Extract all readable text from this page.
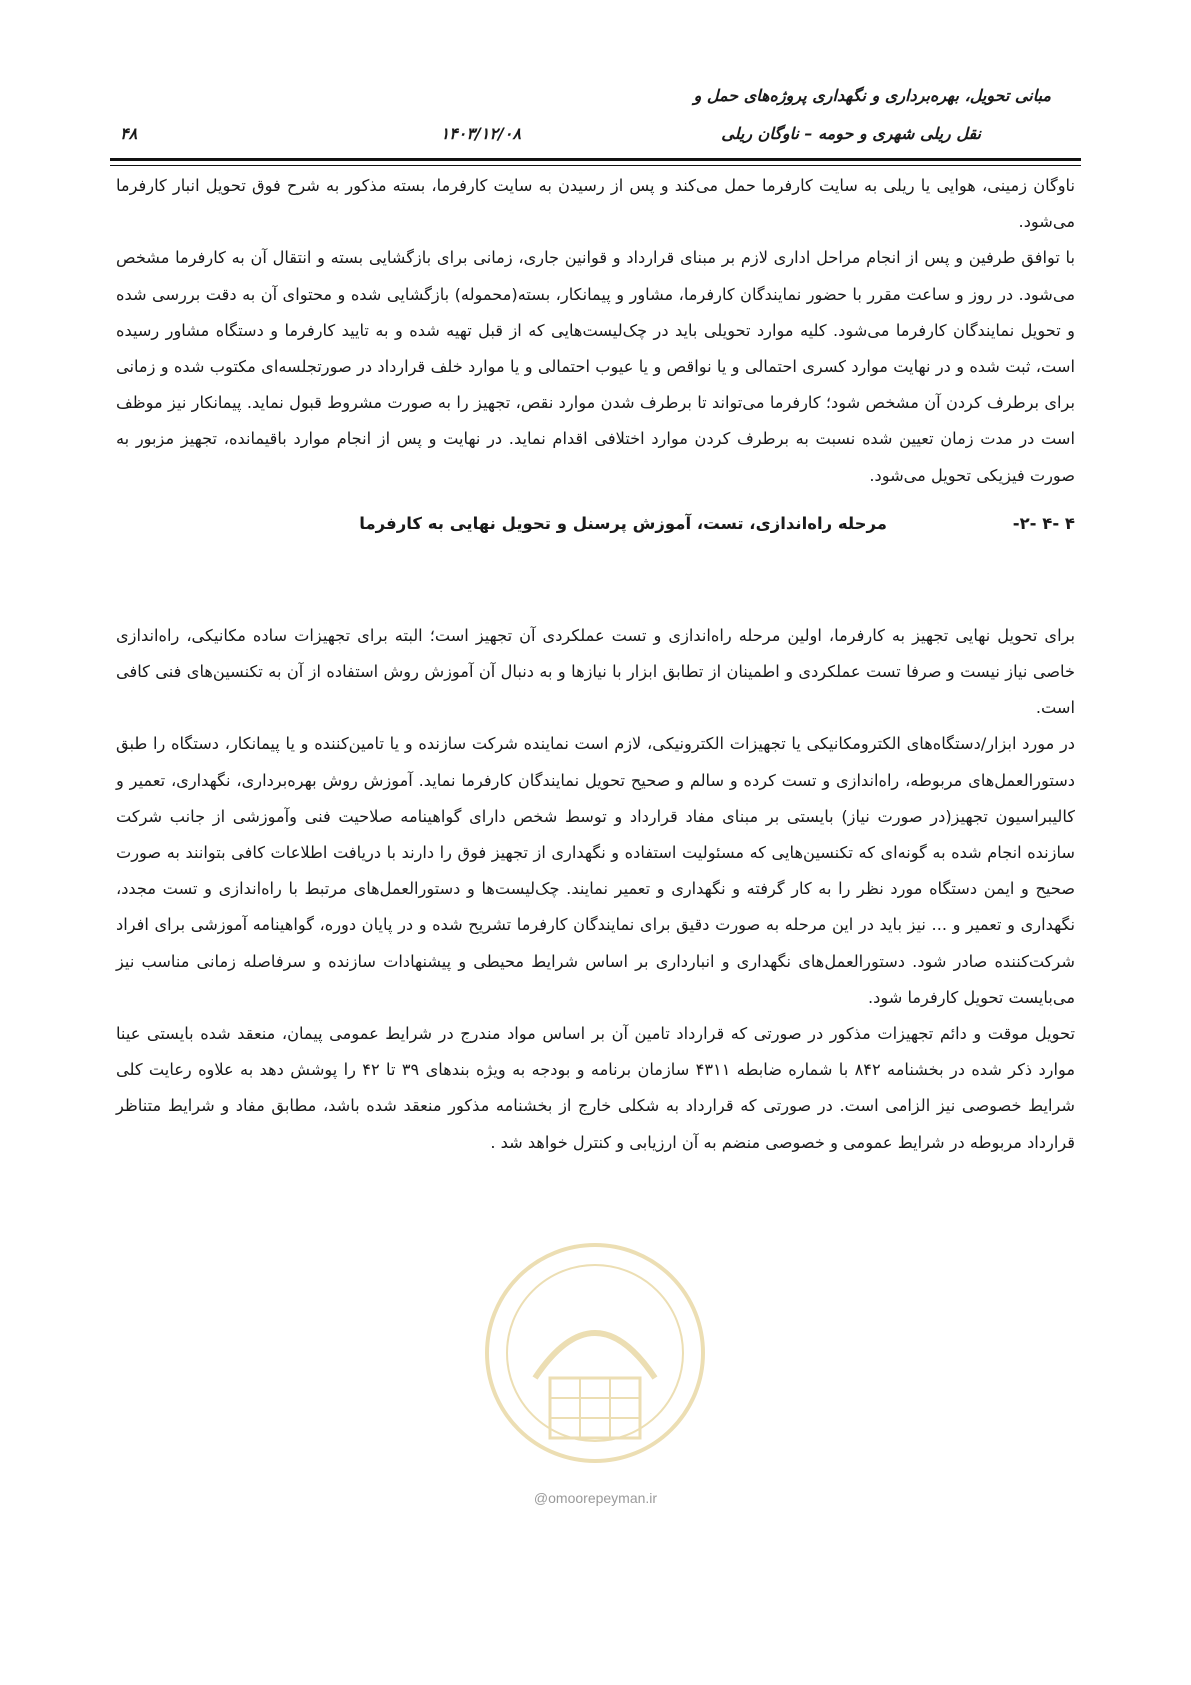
مبانی تحویل، بهره‌برداری و نگهداری پروژه‌های حمل و
نقل ریلی شهری و حومه – ناوگان ریلی
۱۴۰۳/۱۲/۰۸
۴۸

ناوگان زمینی، هوایی یا ریلی به سایت کارفرما حمل می‌کند و پس از رسیدن به سایت کارفرما، بسته مذکور به شرح فوق تحویل انبار کارفرما می‌شود.

با توافق طرفین و پس از انجام مراحل اداری لازم بر مبنای قرارداد و قوانین جاری، زمانی برای بازگشایی بسته و انتقال آن به کارفرما مشخص می‌شود. در روز و ساعت مقرر با حضور نمایندگان کارفرما، مشاور و پیمانکار، بسته(محموله) بازگشایی شده و محتوای آن به دقت بررسی شده و تحویل نمایندگان کارفرما می‌شود. کلیه موارد تحویلی باید در چک‌لیست‌هایی که از قبل تهیه شده و به تایید کارفرما و دستگاه مشاور رسیده است، ثبت شده و در نهایت موارد کسری احتمالی و یا نواقص و یا عیوب احتمالی و یا موارد خلف قرارداد در صورتجلسه‌ای مکتوب شده و زمانی برای برطرف کردن آن مشخص شود؛ کارفرما می‌تواند تا برطرف شدن موارد نقص، تجهیز را به صورت مشروط قبول نماید. پیمانکار نیز موظف است در مدت زمان تعیین شده نسبت به برطرف کردن موارد اختلافی اقدام نماید. در نهایت و پس از انجام موارد باقیمانده، تجهیز مزبور به صورت فیزیکی تحویل می‌شود.

-۲- ۴- ۴
مرحله راه‌اندازی، تست، آموزش پرسنل و تحویل نهایی به کارفرما

برای تحویل نهایی تجهیز به کارفرما، اولین مرحله راه‌اندازی و تست عملکردی آن تجهیز است؛ البته برای تجهیزات ساده مکانیکی، راه‌اندازی خاصی نیاز نیست و صرفا تست عملکردی و اطمینان از تطابق ابزار با نیازها و به دنبال آن آموزش روش استفاده از آن به تکنسین‌های فنی کافی است.

در مورد ابزار/دستگاه‌های الکترومکانیکی یا تجهیزات الکترونیکی، لازم است نماینده شرکت سازنده و یا تامین‌کننده و یا پیمانکار، دستگاه را طبق دستورالعمل‌های مربوطه، راه‌اندازی و تست کرده و سالم و صحیح تحویل نمایندگان کارفرما نماید. آموزش روش بهره‌برداری، نگهداری، تعمیر و کالیبراسیون تجهیز(در صورت نیاز) بایستی بر مبنای مفاد قرارداد و توسط شخص دارای گواهینامه صلاحیت فنی وآموزشی از جانب شرکت سازنده انجام شده به گونه‌ای که تکنسین‌هایی که مسئولیت استفاده و نگهداری از تجهیز فوق را دارند با دریافت اطلاعات کافی بتوانند به صورت صحیح و ایمن دستگاه مورد نظر را به کار گرفته و نگهداری و تعمیر نمایند. چک‌لیست‌ها و دستورالعمل‌های مرتبط با راه‌اندازی و تست مجدد، نگهداری و تعمیر و ... نیز باید در این مرحله به صورت دقیق برای نمایندگان کارفرما تشریح شده و در پایان دوره، گواهینامه آموزشی برای افراد شرکت‌کننده صادر شود. دستورالعمل‌های نگهداری و انبارداری بر اساس شرایط محیطی و پیشنهادات سازنده و سرفاصله زمانی مناسب نیز می‌بایست تحویل کارفرما شود.

تحویل موقت و دائم تجهیزات مذکور در صورتی که قرارداد تامین آن بر اساس مواد مندرج در شرایط عمومی پیمان، منعقد شده بایستی عینا موارد ذکر شده در بخشنامه ۸۴۲ با شماره ضابطه ۴۳۱۱ سازمان برنامه و بودجه به ویژه بندهای ۳۹ تا ۴۲ را پوشش دهد به علاوه رعایت کلی شرایط خصوصی نیز الزامی است. در صورتی که قرارداد به شکلی خارج از بخشنامه مذکور منعقد شده باشد، مطابق مفاد و شرایط متناظر قرارداد مربوطه در شرایط عمومی و خصوصی منضم به آن ارزیابی و کنترل خواهد شد .

@omoorepeyman.ir
